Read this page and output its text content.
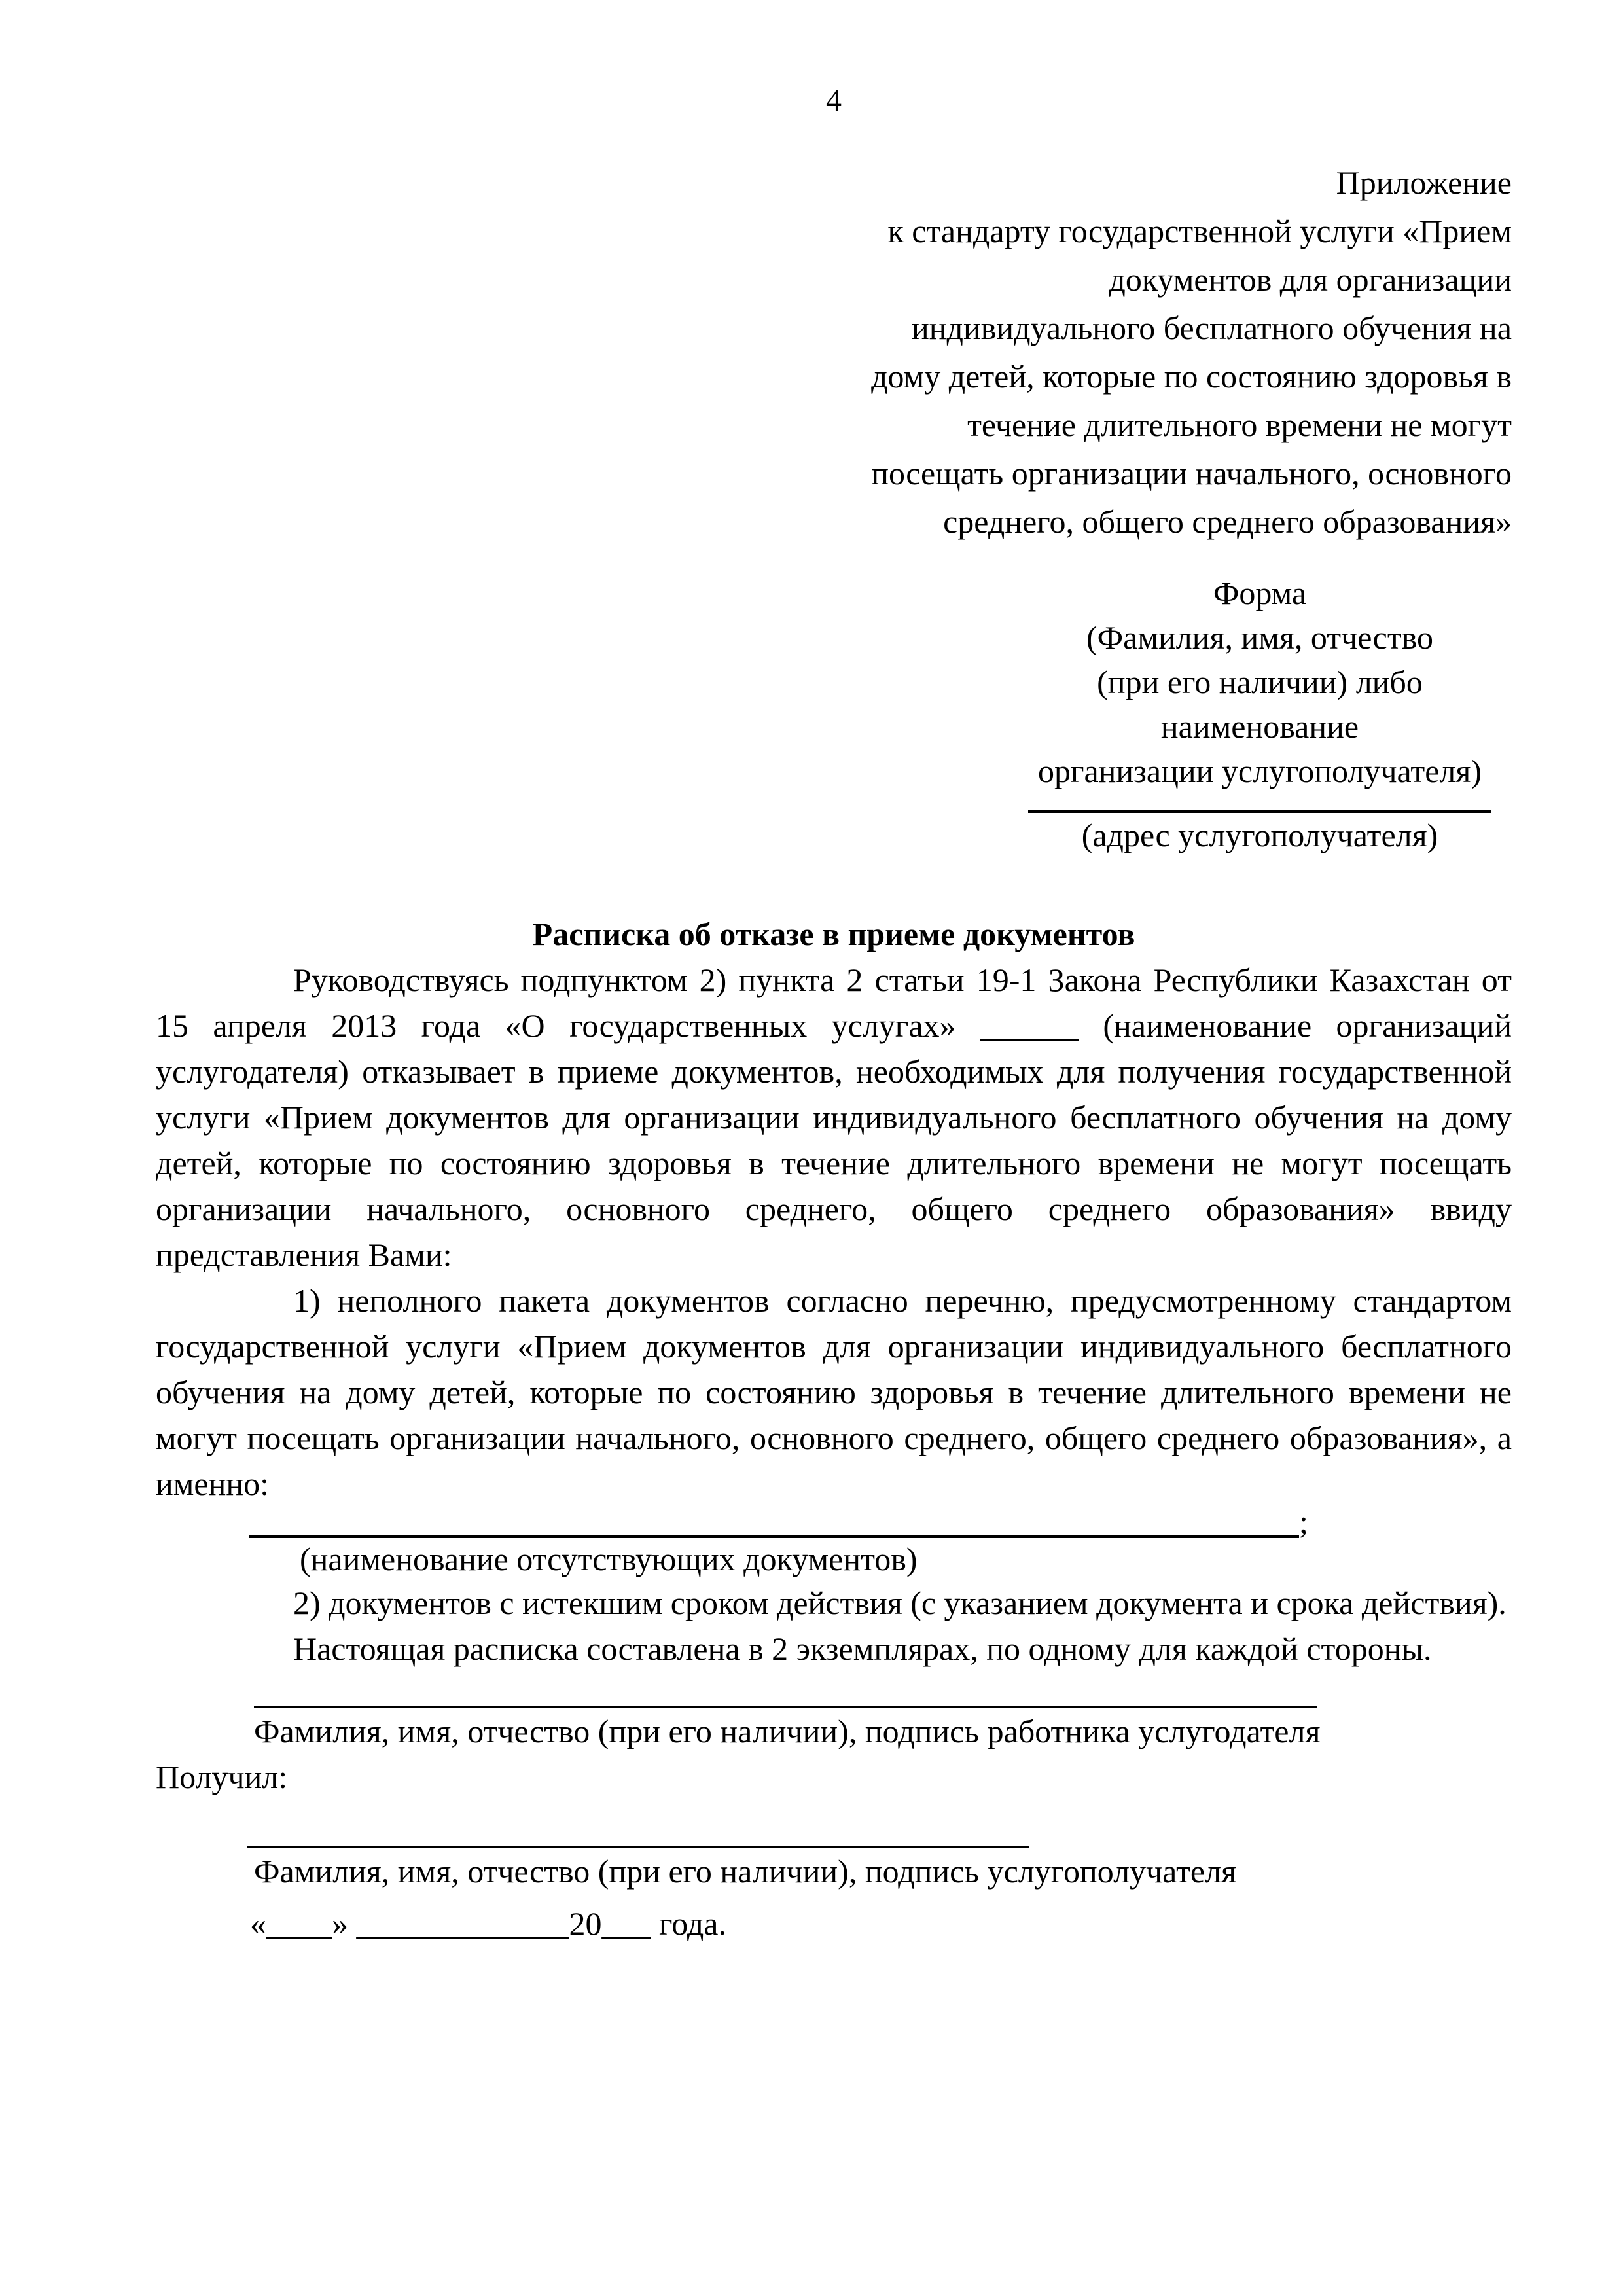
4
Приложение
к стандарту государственной услуги «Прием
документов для организации
индивидуального бесплатного обучения на
дому детей, которые по состоянию здоровья в
течение длительного времени не могут
посещать организации начального, основного
среднего, общего среднего образования»
Форма
(Фамилия, имя, отчество
(при его наличии) либо
наименование
организации услугополучателя)
(адрес услугополучателя)
Расписка об отказе в приеме документов

Руководствуясь подпунктом 2) пункта 2 статьи 19-1 Закона Республики Казахстан от 15 апреля 2013 года «О государственных услугах» ______ (наименование организаций услугодателя) отказывает в приеме документов, необходимых для получения государственной услуги «Прием документов для организации индивидуального бесплатного обучения на дому детей, которые по состоянию здоровья в течение длительного времени не могут посещать организации начального, основного среднего, общего среднего образования» ввиду представления Вами:

1) неполного пакета документов согласно перечню, предусмотренному стандартом государственной услуги «Прием документов для организации индивидуального бесплатного обучения на дому детей, которые по состоянию здоровья в течение длительного времени не могут посещать организации начального, основного среднего, общего среднего образования», а именно:

;
(наименование отсутствующих документов)

2) документов с истекшим сроком действия (с указанием документа и срока действия).

Настоящая расписка составлена в 2 экземплярах, по одному для каждой стороны.

Фамилия, имя, отчество (при его наличии), подпись работника услугодателя
Получил:
Фамилия, имя, отчество (при его наличии), подпись услугополучателя
«____» _____________20___ года.
